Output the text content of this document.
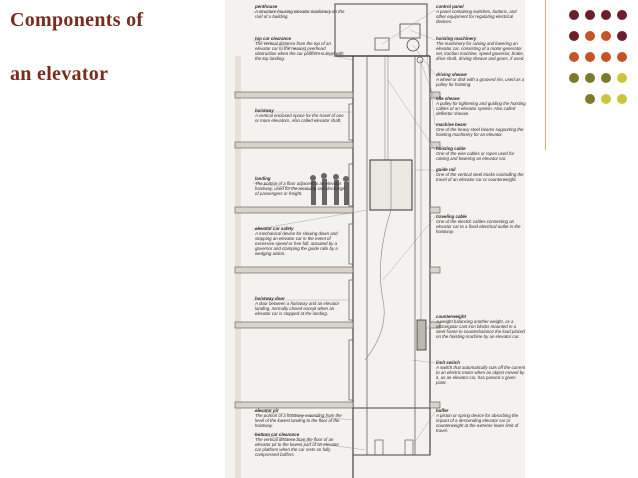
Components of
an elevator
penthouse
A structure housing elevator machinery on the roof of a building.
top car clearance
The vertical distance from the top of an elevator car to the nearest overhead obstruction when the car platform is level with the top landing.
hoistway
A vertical enclosed space for the travel of one or more elevators. Also called elevator shaft.
landing
The portion of a floor adjacent to an elevator hoistway, used for the receiving and discharge of passengers or freight.
elevator car safety
A mechanical device for slowing down and stopping an elevator car in the event of excessive speed or free fall, actuated by a governor and clamping the guide rails by a wedging action.
hoistway door
A door between a hoistway and an elevator landing, normally closed except when an elevator car is stopped at the landing.
elevator pit
The portion of a hoistway extending from the level of the lowest landing to the floor of the hoistway.
bottom car clearance
The vertical distance from the floor of an elevator pit to the lowest part of an elevator car platform when the car rests on fully compressed buffers.
control panel
A panel containing switches, buttons, and other equipment for regulating electrical devices.
hoisting machinery
The machinery for raising and lowering an elevator car, consisting of a motor-generator set, traction machine, speed governor, brake, drive shaft, driving sheave and gears, if used.
driving sheave
A wheel or disk with a grooved rim, used as a pulley for hoisting.
idle sheave
A pulley for tightening and guiding the hoisting cables of an elevator system. Also called deflector sheave.
machine beam
One of the heavy steel beams supporting the hoisting machinery for an elevator.
hoisting cable
One of the wire cables or ropes used for raising and lowering an elevator car.
guide rail
One of the vertical steel tracks controlling the travel of an elevator car or counterweight.
traveling cable
One of the electric cables connecting an elevator car to a fixed electrical outlet in the hoistway.
counterweight
A weight balancing another weight, as a rectangular cast iron blocks mounted in a steel frame to counterbalance the load placed on the hoisting machine by an elevator car.
limit switch
A switch that automatically cuts off the current to an electric motor when an object moved by it, as an elevator car, has passed a given point.
buffer
A piston or spring device for absorbing the impact of a descending elevator car or counterweight at the extreme lower limit of travel.
